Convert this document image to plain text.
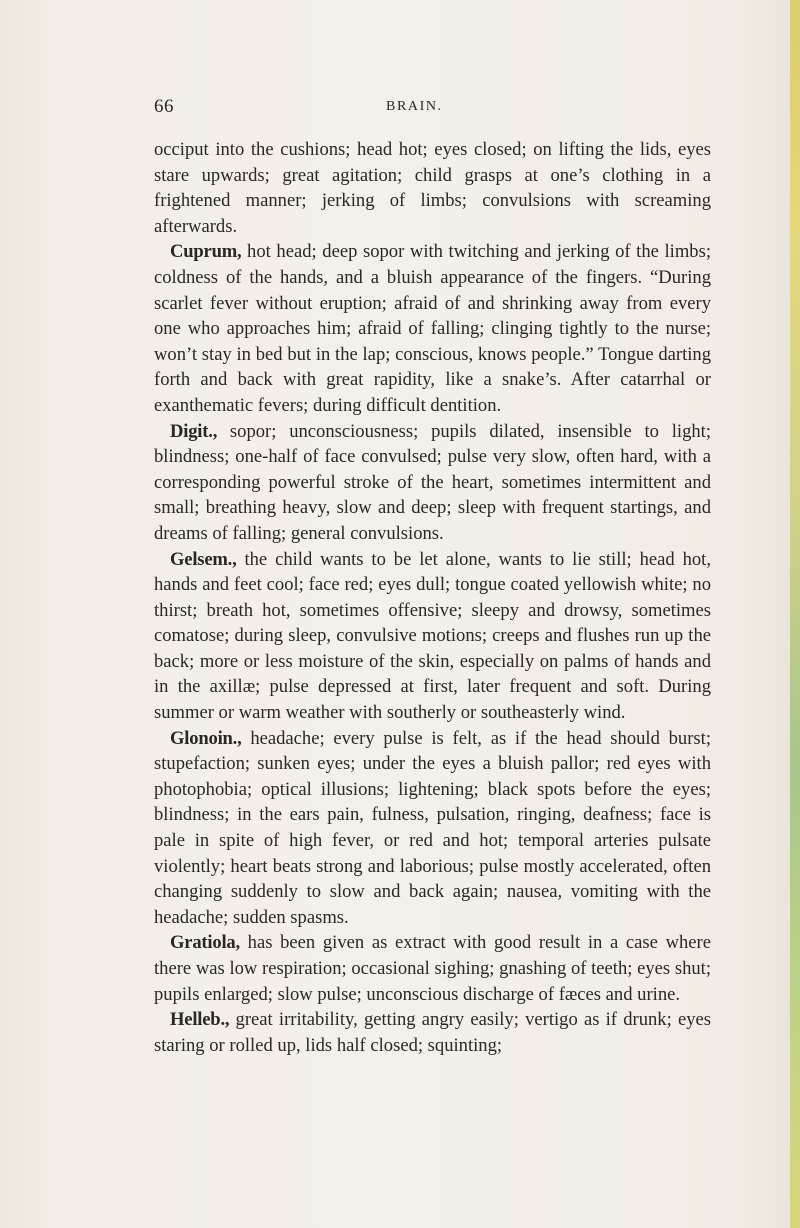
66	BRAIN.

occiput into the cushions; head hot; eyes closed; on lifting the lids, eyes stare upwards; great agitation; child grasps at one’s clothing in a frightened manner; jerking of limbs; convulsions with screaming afterwards.

Cuprum, hot head; deep sopor with twitching and jerking of the limbs; coldness of the hands, and a bluish appearance of the fingers. “During scarlet fever without eruption; afraid of and shrinking away from every one who approaches him; afraid of falling; clinging tightly to the nurse; won’t stay in bed but in the lap; conscious, knows people.” Tongue darting forth and back with great rapidity, like a snake’s. After catarrhal or exanthematic fevers; during difficult dentition.

Digit., sopor; unconsciousness; pupils dilated, insensible to light; blindness; one-half of face convulsed; pulse very slow, often hard, with a corresponding powerful stroke of the heart, sometimes intermittent and small; breathing heavy, slow and deep; sleep with frequent startings, and dreams of falling; general convulsions.

Gelsem., the child wants to be let alone, wants to lie still; head hot, hands and feet cool; face red; eyes dull; tongue coated yellowish white; no thirst; breath hot, sometimes offensive; sleepy and drowsy, sometimes comatose; during sleep, convulsive motions; creeps and flushes run up the back; more or less moisture of the skin, especially on palms of hands and in the axillæ; pulse depressed at first, later frequent and soft. During summer or warm weather with southerly or southeasterly wind.

Glonoin., headache; every pulse is felt, as if the head should burst; stupefaction; sunken eyes; under the eyes a bluish pallor; red eyes with photophobia; optical illusions; lightening; black spots before the eyes; blindness; in the ears pain, fulness, pulsation, ringing, deafness; face is pale in spite of high fever, or red and hot; temporal arteries pulsate violently; heart beats strong and laborious; pulse mostly accelerated, often changing suddenly to slow and back again; nausea, vomiting with the headache; sudden spasms.

Gratiola, has been given as extract with good result in a case where there was low respiration; occasional sighing; gnashing of teeth; eyes shut; pupils enlarged; slow pulse; unconscious discharge of fæces and urine.

Helleb., great irritability, getting angry easily; vertigo as if drunk; eyes staring or rolled up, lids half closed; squinting;
